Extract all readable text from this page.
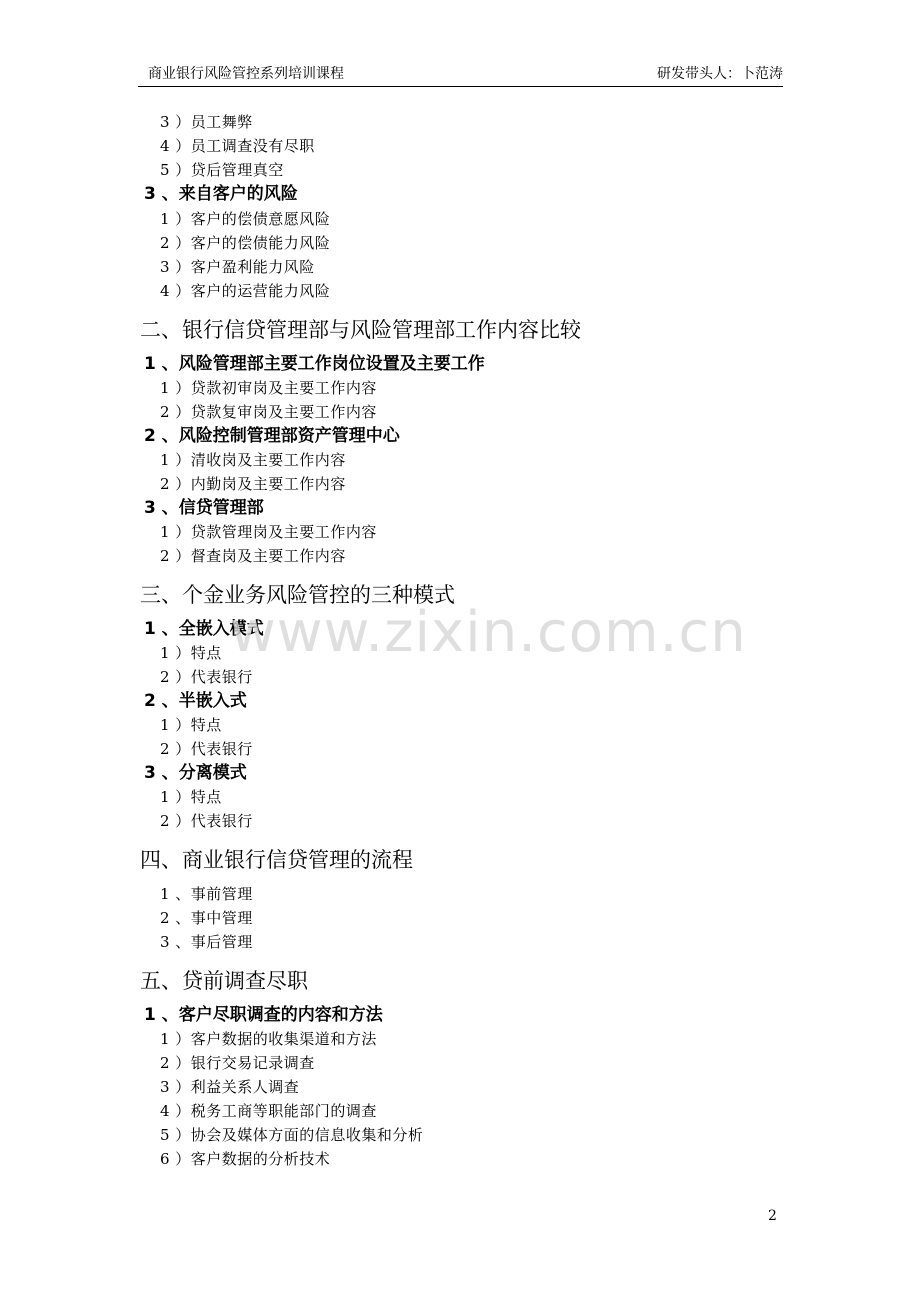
商业银行风险管控系列培训课程	研发带头人：卜范涛
3 ）员工舞弊
4 ）员工调查没有尽职
5 ）贷后管理真空
3 、来自客户的风险
1 ）客户的偿债意愿风险
2 ）客户的偿债能力风险
3 ）客户盈利能力风险
4 ）客户的运营能力风险
二、银行信贷管理部与风险管理部工作内容比较
1 、风险管理部主要工作岗位设置及主要工作
1 ）贷款初审岗及主要工作内容
2 ）贷款复审岗及主要工作内容
2 、风险控制管理部资产管理中心
1 ）清收岗及主要工作内容
2 ）内勤岗及主要工作内容
3 、信贷管理部
1 ）贷款管理岗及主要工作内容
2 ）督查岗及主要工作内容
三、个金业务风险管控的三种模式
1 、全嵌入模式
1 ）特点
2 ）代表银行
2 、半嵌入式
1 ）特点
2 ）代表银行
3 、分离模式
1 ）特点
2 ）代表银行
四、商业银行信贷管理的流程
1 、事前管理
2 、事中管理
3 、事后管理
五、贷前调查尽职
1 、客户尽职调查的内容和方法
1 ）客户数据的收集渠道和方法
2 ）银行交易记录调查
3 ）利益关系人调查
4 ）税务工商等职能部门的调查
5 ）协会及媒体方面的信息收集和分析
6 ）客户数据的分析技术
www.zixin.com.cn
2
